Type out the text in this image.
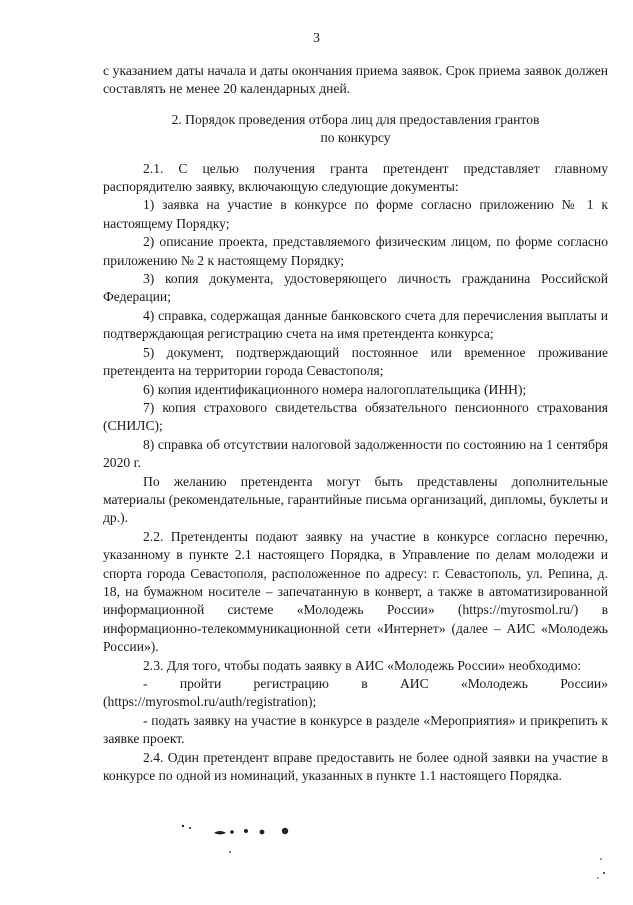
3

с указанием даты начала и даты окончания приема заявок. Срок приема заявок должен составлять не менее 20 календарных дней.

2. Порядок проведения отбора лиц для предоставления грантов
по конкурсу

2.1. С целью получения гранта претендент представляет главному распорядителю заявку, включающую следующие документы:

1) заявка на участие в конкурсе по форме согласно приложению № 1 к настоящему Порядку;

2) описание проекта, представляемого физическим лицом, по форме согласно приложению № 2 к настоящему Порядку;

3) копия документа, удостоверяющего личность гражданина Российской Федерации;

4) справка, содержащая данные банковского счета для перечисления выплаты и подтверждающая регистрацию счета на имя претендента конкурса;

5) документ, подтверждающий постоянное или временное проживание претендента на территории города Севастополя;

6) копия идентификационного номера налогоплательщика (ИНН);

7) копия страхового свидетельства обязательного пенсионного страхования (СНИЛС);

8) справка об отсутствии налоговой задолженности по состоянию на 1 сентября 2020 г.

По желанию претендента могут быть представлены дополнительные материалы (рекомендательные, гарантийные письма организаций, дипломы, буклеты и др.).

2.2. Претенденты подают заявку на участие в конкурсе согласно перечню, указанному в пункте 2.1 настоящего Порядка, в Управление по делам молодежи и спорта города Севастополя, расположенное по адресу: г. Севастополь, ул. Репина, д. 18, на бумажном носителе – запечатанную в конверт, а также в автоматизированной информационной системе «Молодежь России» (https://myrosmol.ru/) в информационно-телекоммуникационной сети «Интернет» (далее – АИС «Молодежь России»).

2.3. Для того, чтобы подать заявку в АИС «Молодежь России» необходимо:

- пройти регистрацию в АИС «Молодежь России» (https://myrosmol.ru/auth/registration);

- подать заявку на участие в конкурсе в разделе «Мероприятия» и прикрепить к заявке проект.

2.4. Один претендент вправе предоставить не более одной заявки на участие в конкурсе по одной из номинаций, указанных в пункте 1.1 настоящего Порядка.
